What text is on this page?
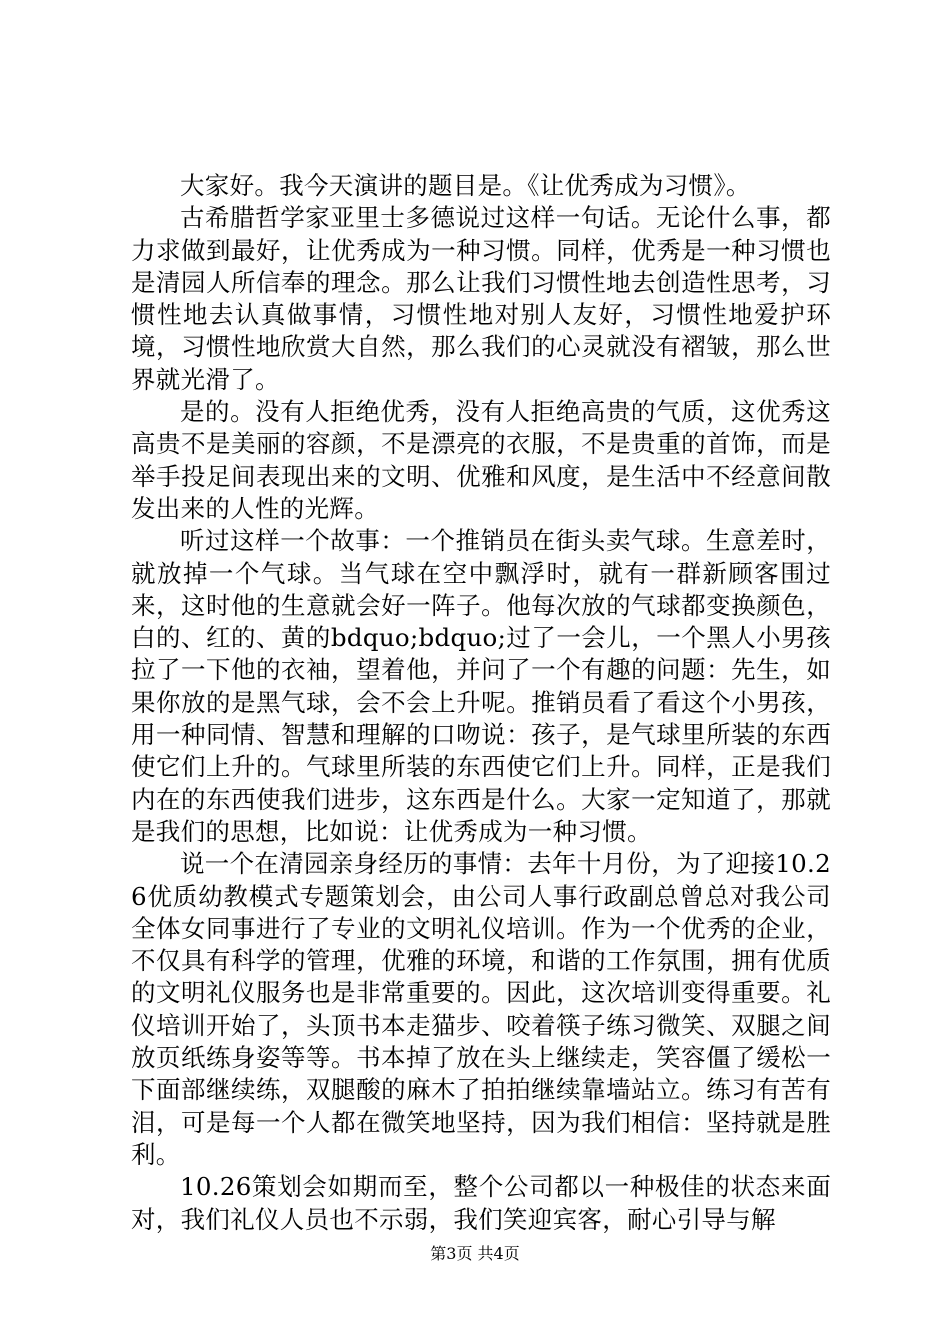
大家好。我今天演讲的题目是。《让优秀成为习惯》。

古希腊哲学家亚里士多德说过这样一句话。无论什么事，都力求做到最好，让优秀成为一种习惯。同样，优秀是一种习惯也是清园人所信奉的理念。那么让我们习惯性地去创造性思考，习惯性地去认真做事情，习惯性地对别人友好，习惯性地爱护环境，习惯性地欣赏大自然，那么我们的心灵就没有褶皱，那么世界就光滑了。

是的。没有人拒绝优秀，没有人拒绝高贵的气质，这优秀这高贵不是美丽的容颜，不是漂亮的衣服，不是贵重的首饰，而是举手投足间表现出来的文明、优雅和风度，是生活中不经意间散发出来的人性的光辉。

听过这样一个故事：一个推销员在街头卖气球。生意差时，就放掉一个气球。当气球在空中飘浮时，就有一群新顾客围过来，这时他的生意就会好一阵子。他每次放的气球都变换颜色，白的、红的、黄的bdquo;bdquo;过了一会儿，一个黑人小男孩拉了一下他的衣袖，望着他，并问了一个有趣的问题：先生，如果你放的是黑气球，会不会上升呢。推销员看了看这个小男孩，用一种同情、智慧和理解的口吻说：孩子，是气球里所装的东西使它们上升的。气球里所装的东西使它们上升。同样，正是我们内在的东西使我们进步，这东西是什么。大家一定知道了，那就是我们的思想，比如说：让优秀成为一种习惯。

说一个在清园亲身经历的事情：去年十月份，为了迎接10.26优质幼教模式专题策划会，由公司人事行政副总曾总对我公司全体女同事进行了专业的文明礼仪培训。作为一个优秀的企业，不仅具有科学的管理，优雅的环境，和谐的工作氛围，拥有优质的文明礼仪服务也是非常重要的。因此，这次培训变得重要。礼仪培训开始了，头顶书本走猫步、咬着筷子练习微笑、双腿之间放页纸练身姿等等。书本掉了放在头上继续走，笑容僵了缓松一下面部继续练，双腿酸的麻木了拍拍继续靠墙站立。练习有苦有泪，可是每一个人都在微笑地坚持，因为我们相信：坚持就是胜利。

10.26策划会如期而至，整个公司都以一种极佳的状态来面对，我们礼仪人员也不示弱，我们笑迎宾客，耐心引导与解

第3页 共4页
